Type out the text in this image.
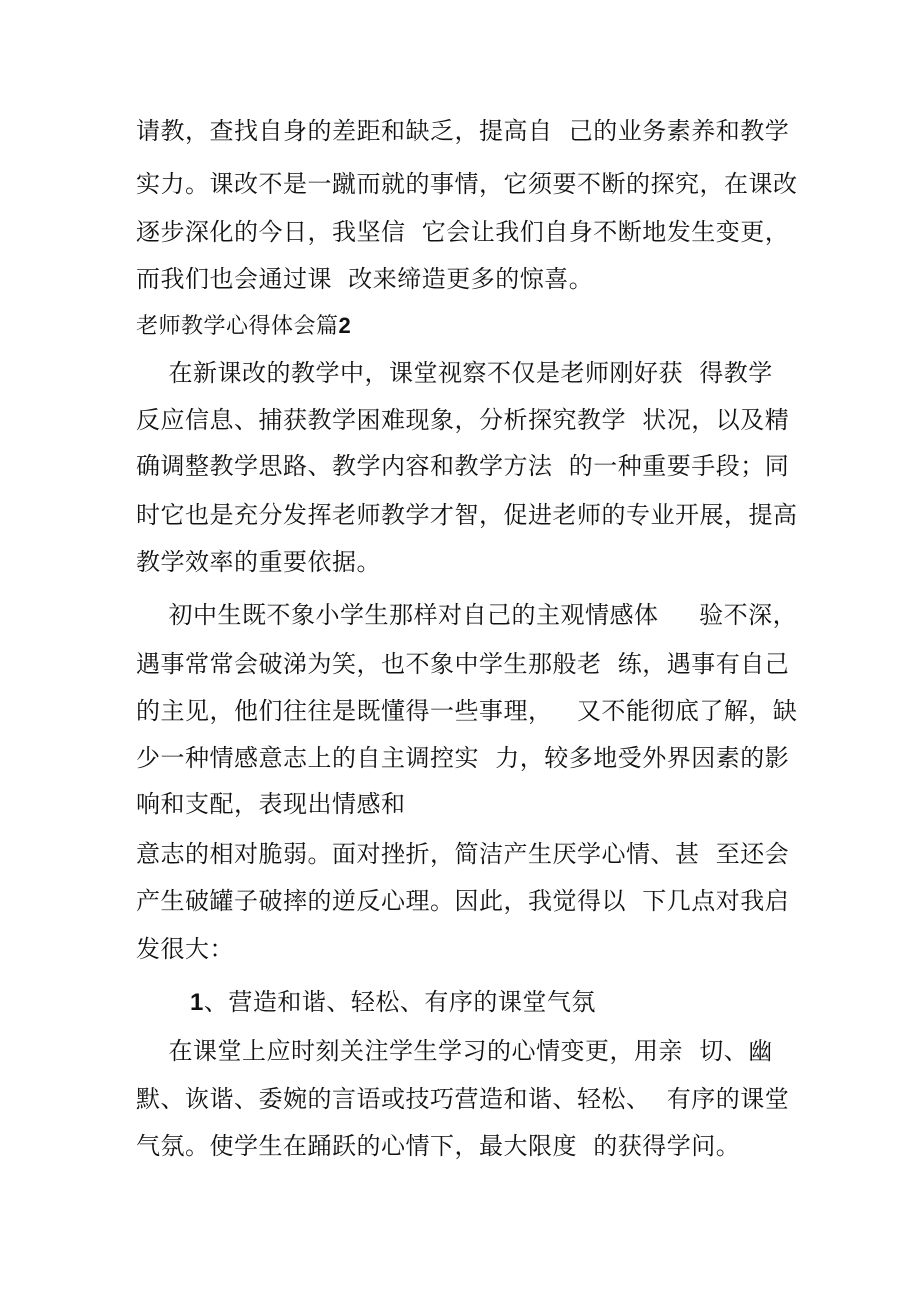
请教，查找自身的差距和缺乏，提高自  己的业务素养和教学
实力。课改不是一蹴而就的事情，它须要不断的探究，在课改
逐步深化的今日，我坚信  它会让我们自身不断地发生变更，
而我们也会通过课  改来缔造更多的惊喜。
老师教学心得体会篇2
在新课改的教学中，课堂视察不仅是老师刚好获  得教学
反应信息、捕获教学困难现象，分析探究教学  状况，以及精
确调整教学思路、教学内容和教学方法  的一种重要手段；同
时它也是充分发挥老师教学才智，促进老师的专业开展，提高
教学效率的重要依据。
初中生既不象小学生那样对自己的主观情感体     验不深，
遇事常常会破涕为笑，也不象中学生那般老  练，遇事有自己
的主见，他们往往是既懂得一些事理，   又不能彻底了解，缺
少一种情感意志上的自主调控实  力，较多地受外界因素的影
响和支配，表现出情感和
意志的相对脆弱。面对挫折，简洁产生厌学心情、甚  至还会
产生破罐子破摔的逆反心理。因此，我觉得以  下几点对我启
发很大：
1、营造和谐、轻松、有序的课堂气氛
在课堂上应时刻关注学生学习的心情变更，用亲  切、幽
默、诙谐、委婉的言语或技巧营造和谐、轻松、  有序的课堂
气氛。使学生在踊跃的心情下，最大限度  的获得学问。
